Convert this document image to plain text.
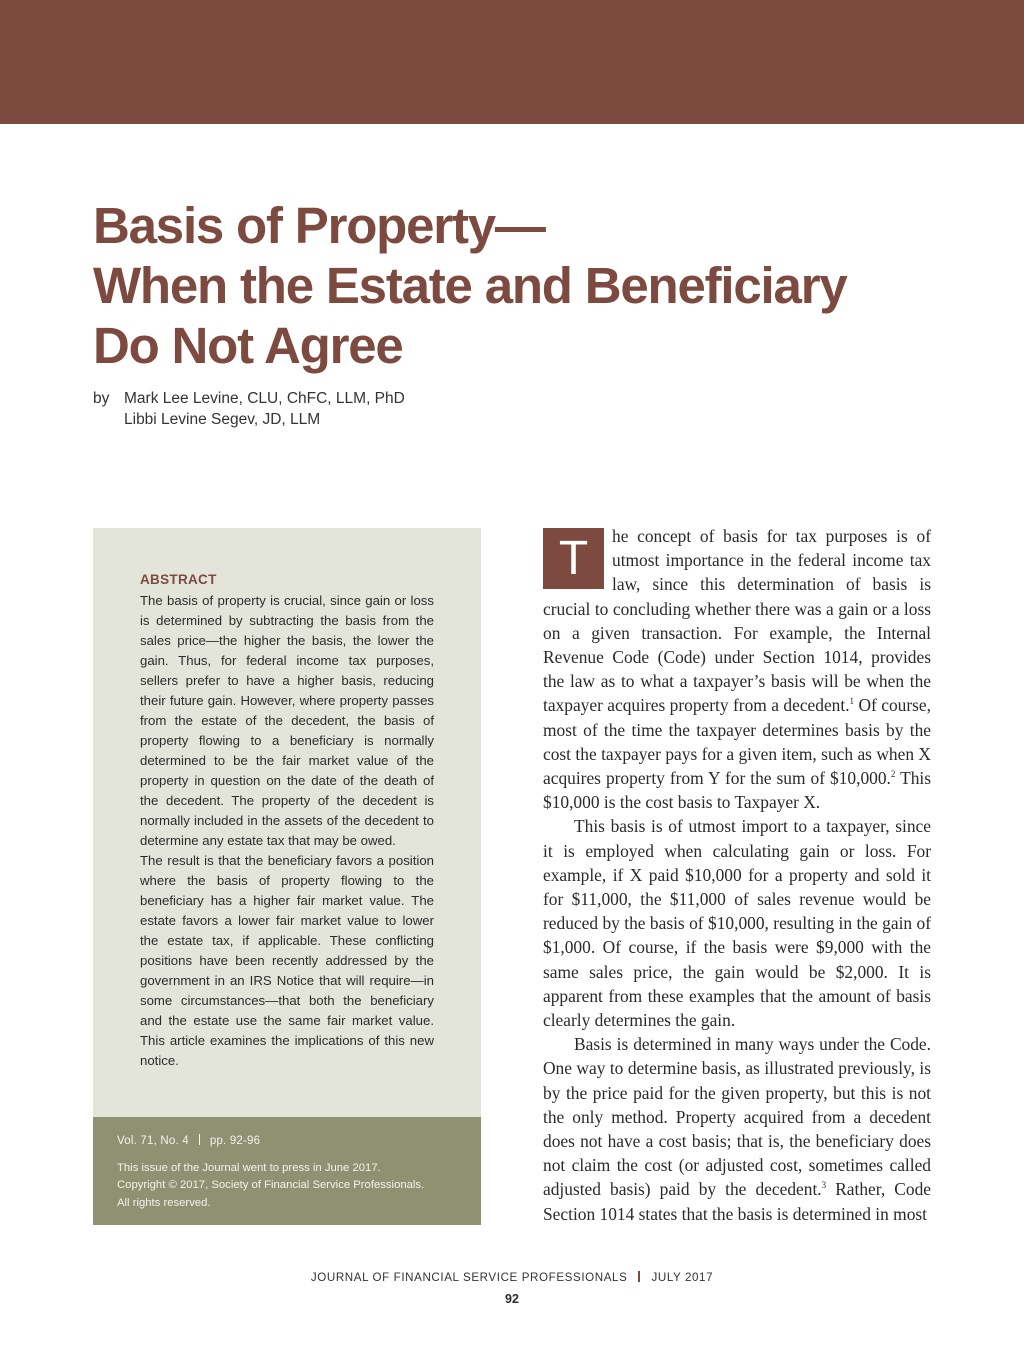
Basis of Property—
When the Estate and Beneficiary
Do Not Agree
by Mark Lee Levine, CLU, ChFC, LLM, PhD
Libbi Levine Segev, JD, LLM
ABSTRACT

The basis of property is crucial, since gain or loss is determined by subtracting the basis from the sales price—the higher the basis, the lower the gain. Thus, for federal income tax purposes, sellers prefer to have a higher basis, reducing their future gain. However, where property passes from the estate of the decedent, the basis of property flowing to a beneficiary is normally determined to be the fair market value of the property in question on the date of the death of the decedent. The property of the decedent is normally included in the assets of the decedent to determine any estate tax that may be owed.

The result is that the beneficiary favors a position where the basis of property flowing to the beneficiary has a higher fair market value. The estate favors a lower fair market value to lower the estate tax, if applicable. These conflicting positions have been recently addressed by the government in an IRS Notice that will require—in some circumstances—that both the beneficiary and the estate use the same fair market value. This article examines the implications of this new notice.

Vol. 71, No. 4 pp. 92-96

This issue of the Journal went to press in June 2017.
Copyright © 2017, Society of Financial Service Professionals.
All rights reserved.

T	he concept of basis for tax purposes is of utmost importance in the federal income tax law, since this determination of basis is crucial to concluding whether there was a gain or a loss on a given transaction. For example, the Internal Revenue Code (Code) under Section 1014, provides the law as to what a taxpayer’s basis will be when the taxpayer acquires property from a decedent.$^1$ Of course, most of the time the taxpayer determines basis by the cost the taxpayer pays for a given item, such as when X acquires property from Y for the sum of $10,000.$^2$ This $10,000 is the cost basis to Taxpayer X.

This basis is of utmost import to a taxpayer, since it is employed when calculating gain or loss. For example, if X paid $10,000 for a property and sold it for $11,000, the $11,000 of sales revenue would be reduced by the basis of $10,000, resulting in the gain of $1,000. Of course, if the basis were $9,000 with the same sales price, the gain would be $2,000. It is apparent from these examples that the amount of basis clearly determines the gain.

Basis is determined in many ways under the Code. One way to determine basis, as illustrated previously, is by the price paid for the given property, but this is not the only method. Property acquired from a decedent does not have a cost basis; that is, the beneficiary does not claim the cost (or adjusted cost, sometimes called adjusted basis) paid by the decedent.$^3$ Rather, Code Section 1014 states that the basis is determined in most

JOURNAL OF FINANCIAL SERVICE PROFESSIONALS JULY 2017
92
